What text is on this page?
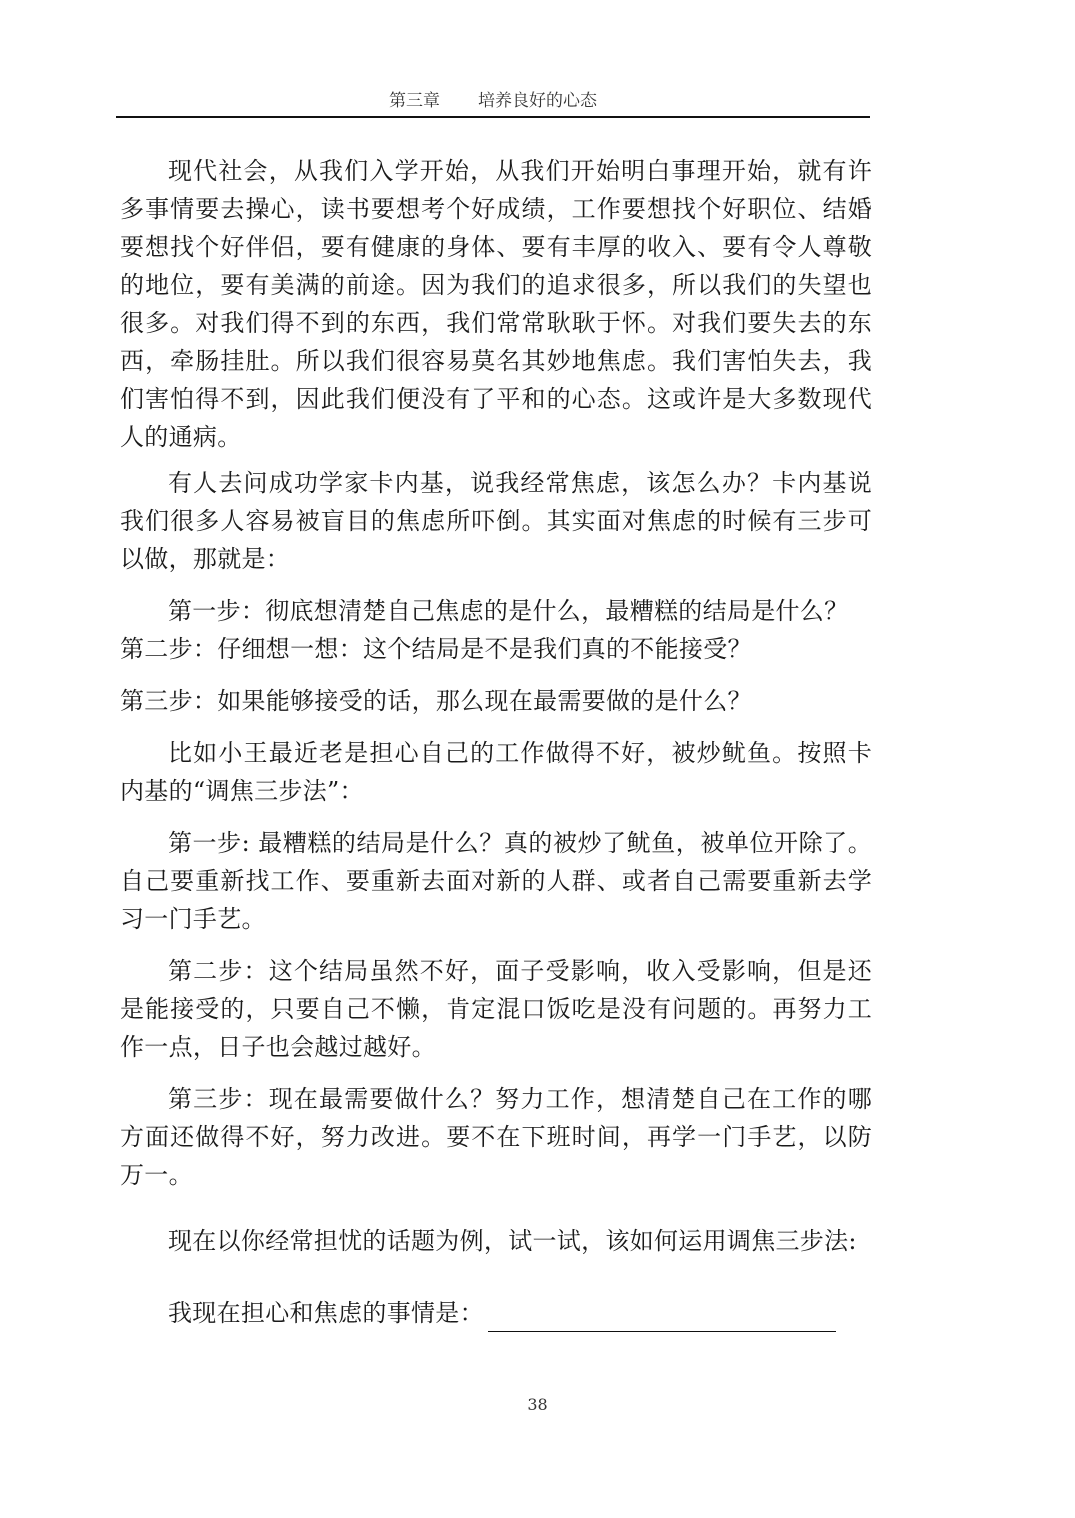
第三章 培养良好的心态

现代社会，从我们入学开始，从我们开始明白事理开始，就有许多事情要去操心，读书要想考个好成绩，工作要想找个好职位、结婚要想找个好伴侣，要有健康的身体、要有丰厚的收入、要有令人尊敬的地位，要有美满的前途。因为我们的追求很多，所以我们的失望也很多。对我们得不到的东西，我们常常耿耿于怀。对我们要失去的东西，牵肠挂肚。所以我们很容易莫名其妙地焦虑。我们害怕失去，我们害怕得不到，因此我们便没有了平和的心态。这或许是大多数现代人的通病。

有人去问成功学家卡内基，说我经常焦虑，该怎么办？卡内基说我们很多人容易被盲目的焦虑所吓倒。其实面对焦虑的时候有三步可以做，那就是：

第一步：彻底想清楚自己焦虑的是什么，最糟糕的结局是什么？

第二步：仔细想一想：这个结局是不是我们真的不能接受？

第三步：如果能够接受的话，那么现在最需要做的是什么？

比如小王最近老是担心自己的工作做得不好，被炒鱿鱼。按照卡内基的“调焦三步法”：

第一步: 最糟糕的结局是什么？真的被炒了鱿鱼，被单位开除了。自己要重新找工作、要重新去面对新的人群、或者自己需要重新去学习一门手艺。

第二步：这个结局虽然不好，面子受影响，收入受影响，但是还是能接受的，只要自己不懒，肯定混口饭吃是没有问题的。再努力工作一点，日子也会越过越好。

第三步：现在最需要做什么？努力工作，想清楚自己在工作的哪方面还做得不好，努力改进。要不在下班时间，再学一门手艺，以防万一。

现在以你经常担忧的话题为例，试一试，该如何运用调焦三步法:

我现在担心和焦虑的事情是：

38
